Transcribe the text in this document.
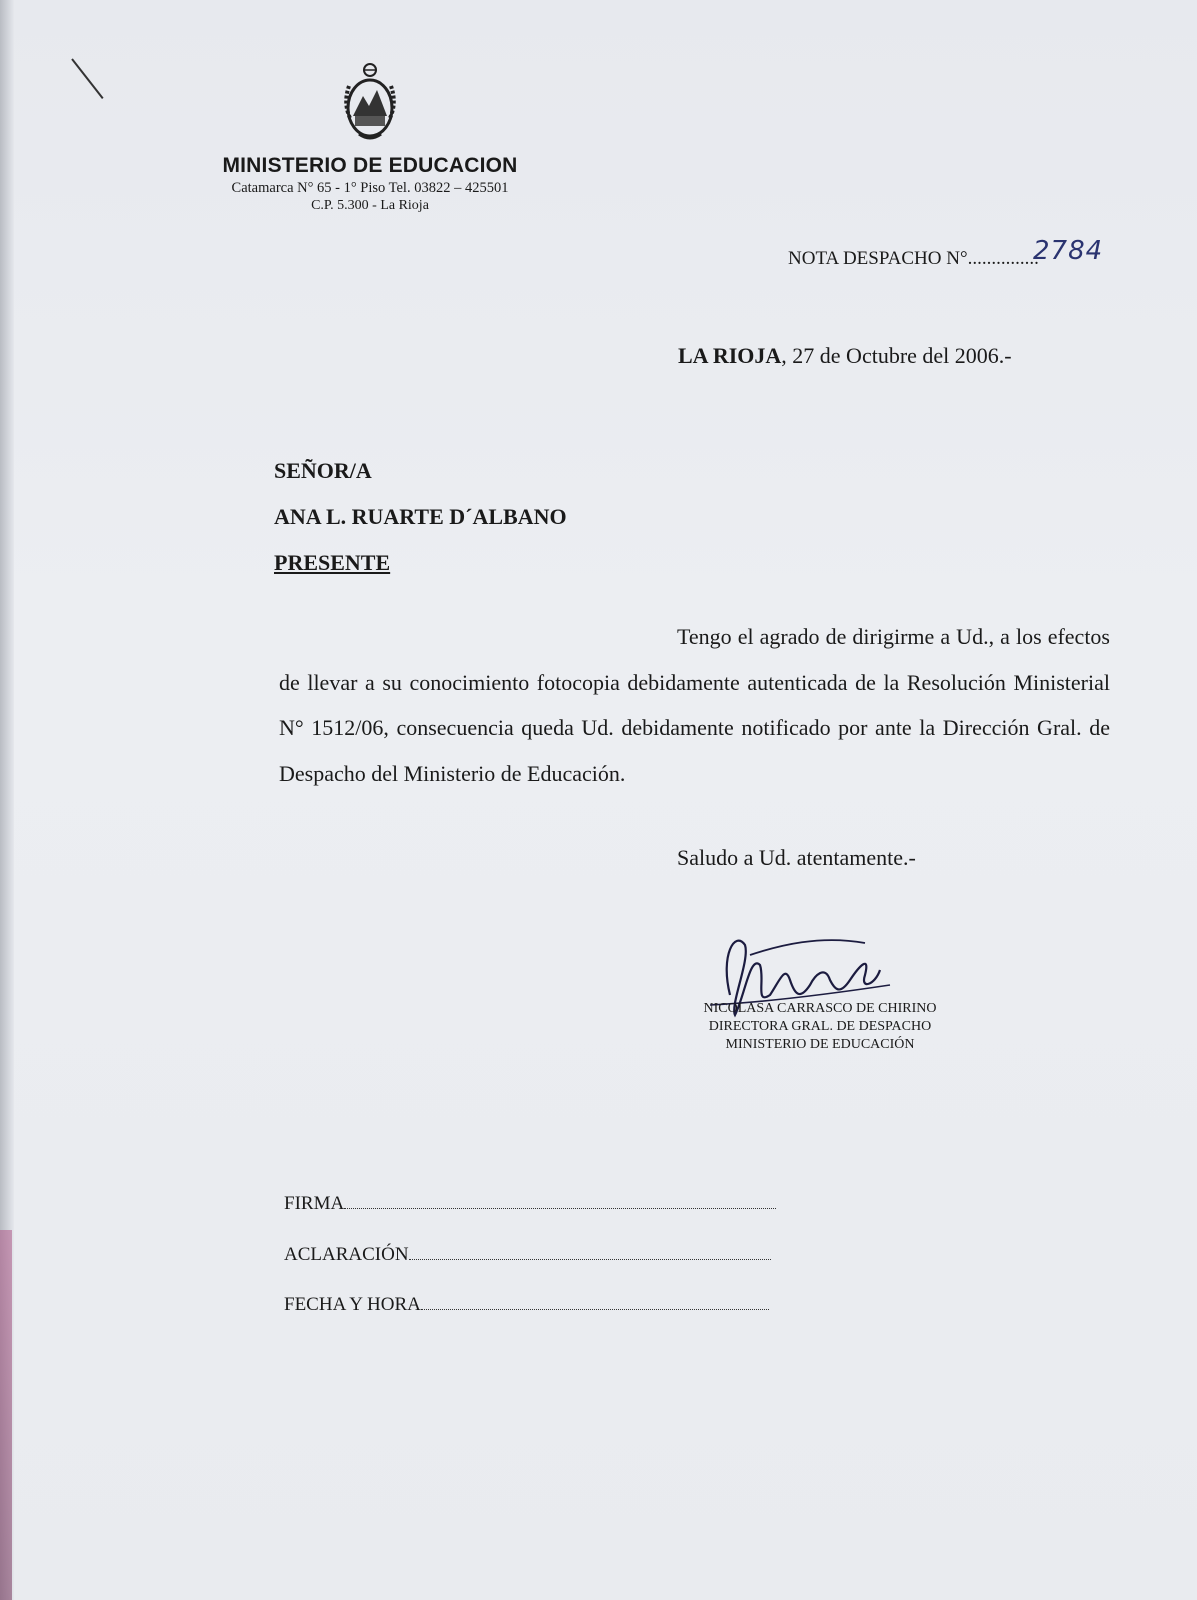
MINISTERIO DE EDUCACION
Catamarca N° 65 - 1° Piso Tel. 03822 – 425501
C.P. 5.300 - La Rioja
NOTA DESPACHO N°...............
2784
LA RIOJA, 27 de Octubre del 2006.-
SEÑOR/A
ANA L. RUARTE D´ALBANO
PRESENTE
Tengo el agrado de dirigirme a Ud., a los efectos de llevar a su conocimiento fotocopia debidamente autenticada de la Resolución Ministerial N° 1512/06, consecuencia queda Ud. debidamente notificado por ante la Dirección Gral. de Despacho del Ministerio de Educación.
Saludo a Ud. atentamente.-
NICOLASA CARRASCO DE CHIRINO
DIRECTORA GRAL. DE DESPACHO
MINISTERIO DE EDUCACIÓN
FIRMA
ACLARACIÓN
FECHA Y HORA
